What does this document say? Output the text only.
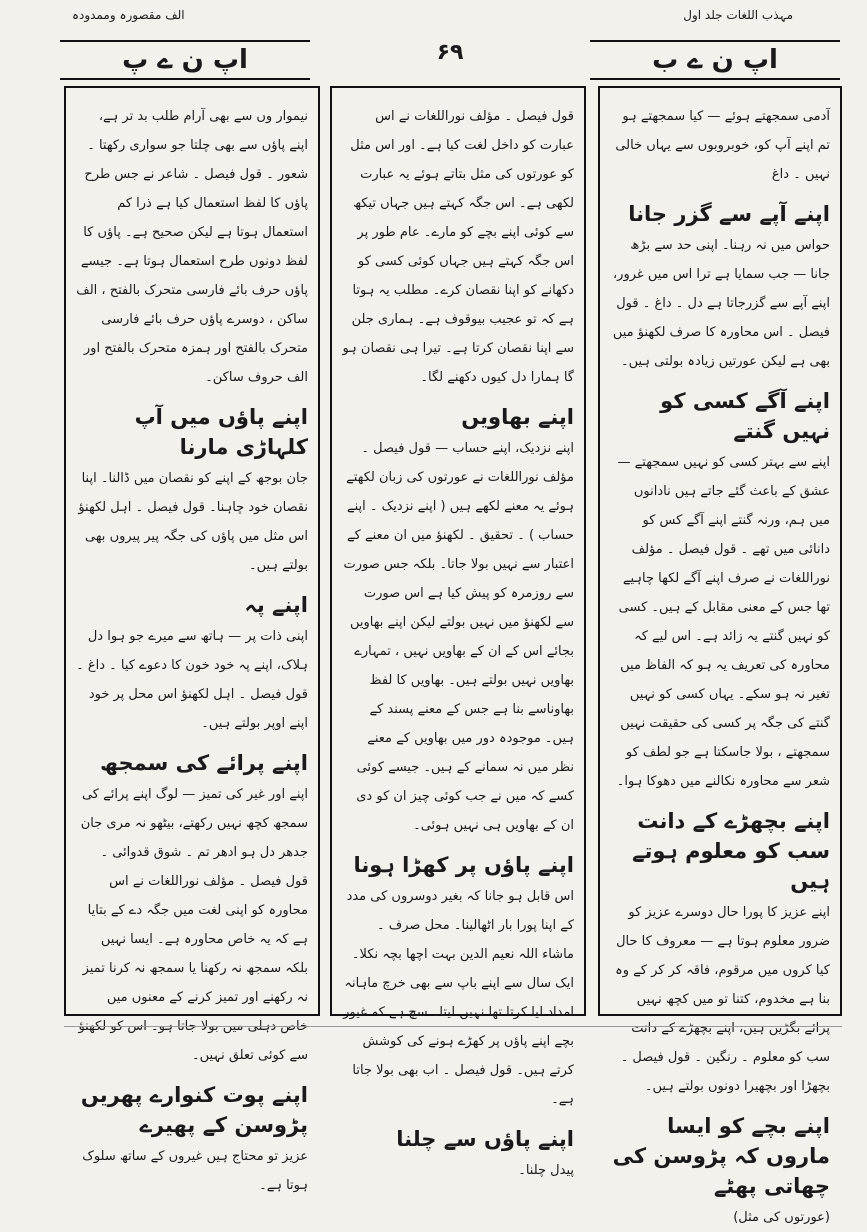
الف مقصورہ وممدودہ	مہذب اللغات جلد اول
اپ ن ے پ	۶۹	اپ ن ے ب
آدمی سمجھتے ہوئے — کیا سمجھتے ہو تم اپنے آپ کو، خوبروبوں سے یہاں خالی نہیں ۔ داغ
اپنے آپے سے گزر جانا
حواس میں نہ رہنا۔ اپنی حد سے بڑھ جانا — جب سمایا ہے ترا اس میں غرور، اپنے آپے سے گزرجاتا ہے دل ۔ داغ ۔ قول فیصل ۔ اس محاورہ کا صرف لکھنؤ میں بھی ہے لیکن عورتیں زیادہ بولتی ہیں۔
اپنے آگے کسی کو نہیں گنتے
اپنے سے بہتر کسی کو نہیں سمجھتے — عشق کے باعث گئے جاتے ہیں نادانوں میں ہم، ورنہ گنتے اپنے آگے کس کو دانائی میں تھے ۔ قول فیصل ۔ مؤلف نوراللغات نے صرف اپنے آگے لکھا چاہیے تھا جس کے معنی مقابل کے ہیں۔ کسی کو نہیں گنتے یہ زائد ہے۔ اس لیے کہ محاورہ کی تعریف یہ ہو کہ الفاظ میں تغیر نہ ہو سکے۔ یہاں کسی کو نہیں گنتے کی جگہ پر کسی کی حقیقت نہیں سمجھتے ، بولا جاسکتا ہے جو لطف کو شعر سے محاورہ نکالنے میں دھوکا ہوا۔
اپنے بچھڑے کے دانت سب کو معلوم ہوتے ہیں
اپنے عزیز کا پورا حال دوسرے عزیز کو ضرور معلوم ہوتا ہے — معروف کا حال کیا کروں میں مرقوم، فاقہ کر کر کے وہ بنا ہے مخدوم، کتنا تو میں کچھ نہیں پرائے بگڑیں ہیں، اپنے بچھڑے کے دانت سب کو معلوم ۔ رنگین ۔ قول فیصل ۔ بچھڑا اور بچھیرا دونوں بولتے ہیں۔
اپنے بچے کو ایسا ماروں کہ پڑوسن کی چھاتی پھٹے
(عورتوں کی مثل)
قول فیصل ۔ مؤلف نوراللغات نے اس عبارت کو داخل لغت کیا ہے۔ اور اس مثل کو عورتوں کی مثل بتاتے ہوئے یہ عبارت لکھی ہے۔ اس جگہ کہتے ہیں جہاں تیکھ سے کوئی اپنے بچے کو مارے۔ عام طور پر اس جگہ کہتے ہیں جہاں کوئی کسی کو دکھانے کو اپنا نقصان کرے۔ مطلب یہ ہوتا ہے کہ تو عجیب بیوقوف ہے۔ ہماری جلن سے اپنا نقصان کرتا ہے۔ تیرا ہی نقصان ہو گا ہمارا دل کیوں دکھنے لگا۔
اپنے بھاویں
اپنے نزدیک، اپنے حساب — قول فیصل ۔ مؤلف نوراللغات نے عورتوں کی زبان لکھتے ہوئے یہ معنے لکھے ہیں ( اپنے نزدیک ۔ اپنے حساب ) ۔ تحقیق ۔ لکھنؤ میں ان معنے کے اعتبار سے نہیں بولا جاتا۔ بلکہ جس صورت سے روزمرہ کو پیش کیا ہے اس صورت سے لکھنؤ میں نہیں بولتے لیکن اپنے بھاویں بجائے اس کے ان کے بھاویں نہیں ، تمہارے بھاویں نہیں بولتے ہیں۔ بھاویں کا لفظ بھاوناسے بنا ہے جس کے معنے پسند کے ہیں۔ موجودہ دور میں بھاویں کے معنے نظر میں نہ سمانے کے ہیں۔ جیسے کوئی کسے کہ میں نے جب کوئی چیز ان کو دی ان کے بھاویں ہی نہیں ہوئی۔
اپنے پاؤں پر کھڑا ہونا
اس قابل ہو جانا کہ بغیر دوسروں کی مدد کے اپنا پورا بار اٹھالینا۔ محل صرف ۔ ماشاء اللہ نعیم الدین بہت اچھا بچہ نکلا۔ ایک سال سے اپنے باپ سے بھی خرچ ماہانہ امداد لیا کرتا تھا نہیں لیتا۔ سچ ہے کہ غیور بچے اپنے پاؤں پر کھڑے ہونے کی کوشش کرتے ہیں۔ قول فیصل ۔ اب بھی بولا جاتا ہے۔
اپنے پاؤں سے چلنا
پیدل چلنا۔
نیموار وں سے بھی آرام طلب بد تر ہے، اپنے پاؤں سے بھی چلتا جو سواری رکھتا ۔ شعور ۔ قول فیصل ۔ شاعر نے جس طرح پاؤں کا لفظ استعمال کیا ہے ذرا کم استعمال ہوتا ہے لیکن صحیح ہے۔ پاؤں کا لفظ دونوں طرح استعمال ہوتا ہے۔ جیسے پاؤں حرف بائے فارسی متحرک بالفتح ، الف ساکن ، دوسرے پاؤں حرف بائے فارسی متحرک بالفتح اور ہمزہ متحرک بالفتح اور الف حروف ساکن۔
اپنے پاؤں میں آپ کلہاڑی مارنا
جان بوجھ کے اپنے کو نقصان میں ڈالنا۔ اپنا نقصان خود چاہنا۔ قول فیصل ۔ اہل لکھنؤ اس مثل میں پاؤں کی جگہ پیر پیروں بھی بولتے ہیں۔
اپنے پہ
اپنی ذات پر — ہاتھ سے میرے جو ہوا دل ہلاک، اپنے پہ خود خون کا دعوے کیا ۔ داغ ۔ قول فیصل ۔ اہل لکھنؤ اس محل پر خود اپنے اوپر بولتے ہیں۔
اپنے پرائے کی سمجھ
اپنے اور غیر کی تمیز — لوگ اپنے پرائے کی سمجھ کچھ نہیں رکھتے، بیٹھو نہ مری جان جدھر دل ہو ادھر تم ۔ شوق قدوائی ۔ قول فیصل ۔ مؤلف نوراللغات نے اس محاورہ کو اپنی لغت میں جگہ دے کے بتایا ہے کہ یہ خاص محاورہ ہے۔ ایسا نہیں بلکہ سمجھ نہ رکھنا یا سمجھ نہ کرنا تمیز نہ رکھنے اور تمیز کرنے کے معنوں میں خاص دہلی میں بولا جاتا ہو۔ اس کو لکھنؤ سے کوئی تعلق نہیں۔
اپنے پوت کنوارے پھریں پڑوسن کے پھیرے
عزیز تو محتاج ہیں غیروں کے ساتھ سلوک ہوتا ہے۔
